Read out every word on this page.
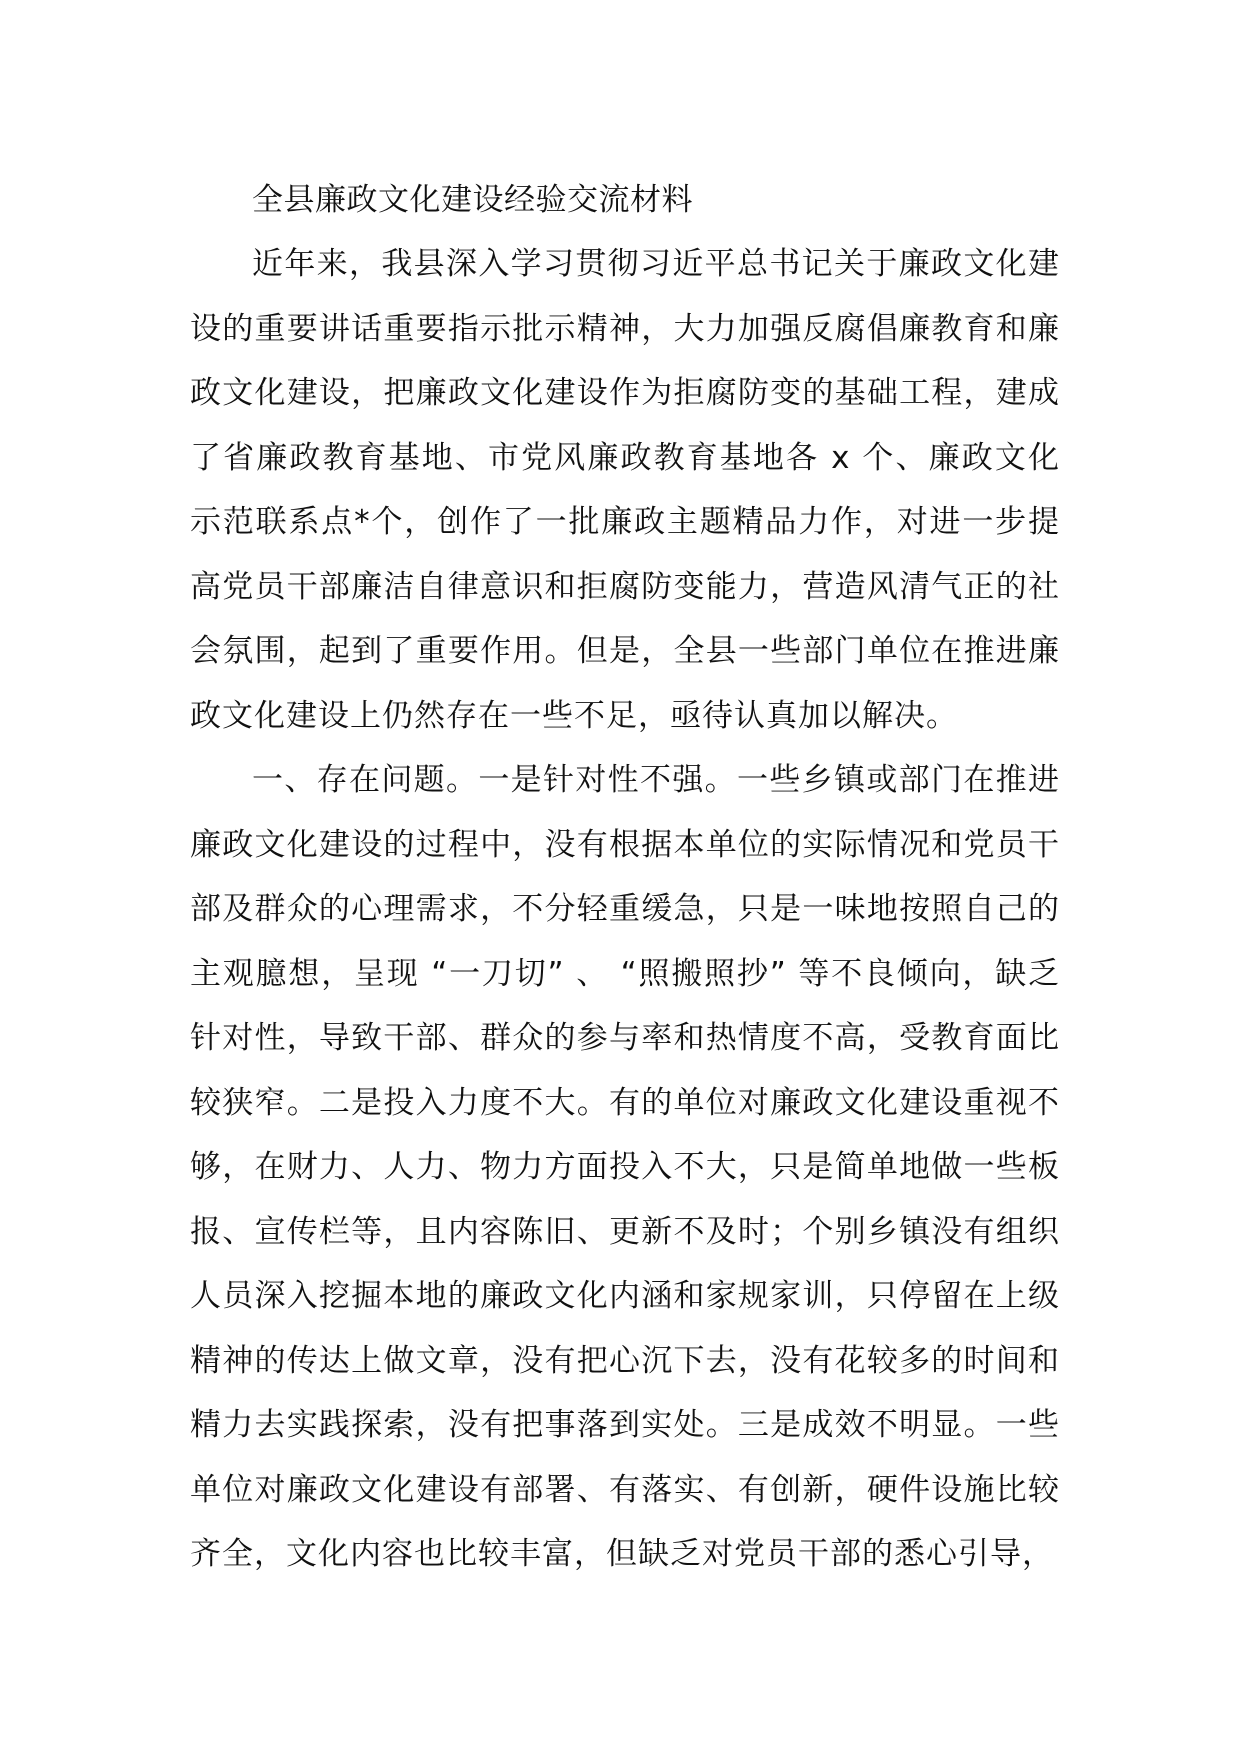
全县廉政文化建设经验交流材料

近年来，我县深入学习贯彻习近平总书记关于廉政文化建设的重要讲话重要指示批示精神，大力加强反腐倡廉教育和廉政文化建设，把廉政文化建设作为拒腐防变的基础工程，建成了省廉政教育基地、市党风廉政教育基地各 x 个、廉政文化示范联系点*个，创作了一批廉政主题精品力作，对进一步提高党员干部廉洁自律意识和拒腐防变能力，营造风清气正的社会氛围，起到了重要作用。但是，全县一些部门单位在推进廉政文化建设上仍然存在一些不足，亟待认真加以解决。

一、存在问题。一是针对性不强。一些乡镇或部门在推进廉政文化建设的过程中，没有根据本单位的实际情况和党员干部及群众的心理需求，不分轻重缓急，只是一味地按照自己的主观臆想，呈现 “一刀切” 、 “照搬照抄” 等不良倾向，缺乏针对性，导致干部、群众的参与率和热情度不高，受教育面比较狭窄。二是投入力度不大。有的单位对廉政文化建设重视不够，在财力、人力、物力方面投入不大，只是简单地做一些板报、宣传栏等，且内容陈旧、更新不及时；个别乡镇没有组织人员深入挖掘本地的廉政文化内涵和家规家训，只停留在上级精神的传达上做文章，没有把心沉下去，没有花较多的时间和精力去实践探索，没有把事落到实处。三是成效不明显。一些单位对廉政文化建设有部署、有落实、有创新，硬件设施比较齐全，文化内容也比较丰富，但缺乏对党员干部的悉心引导，
